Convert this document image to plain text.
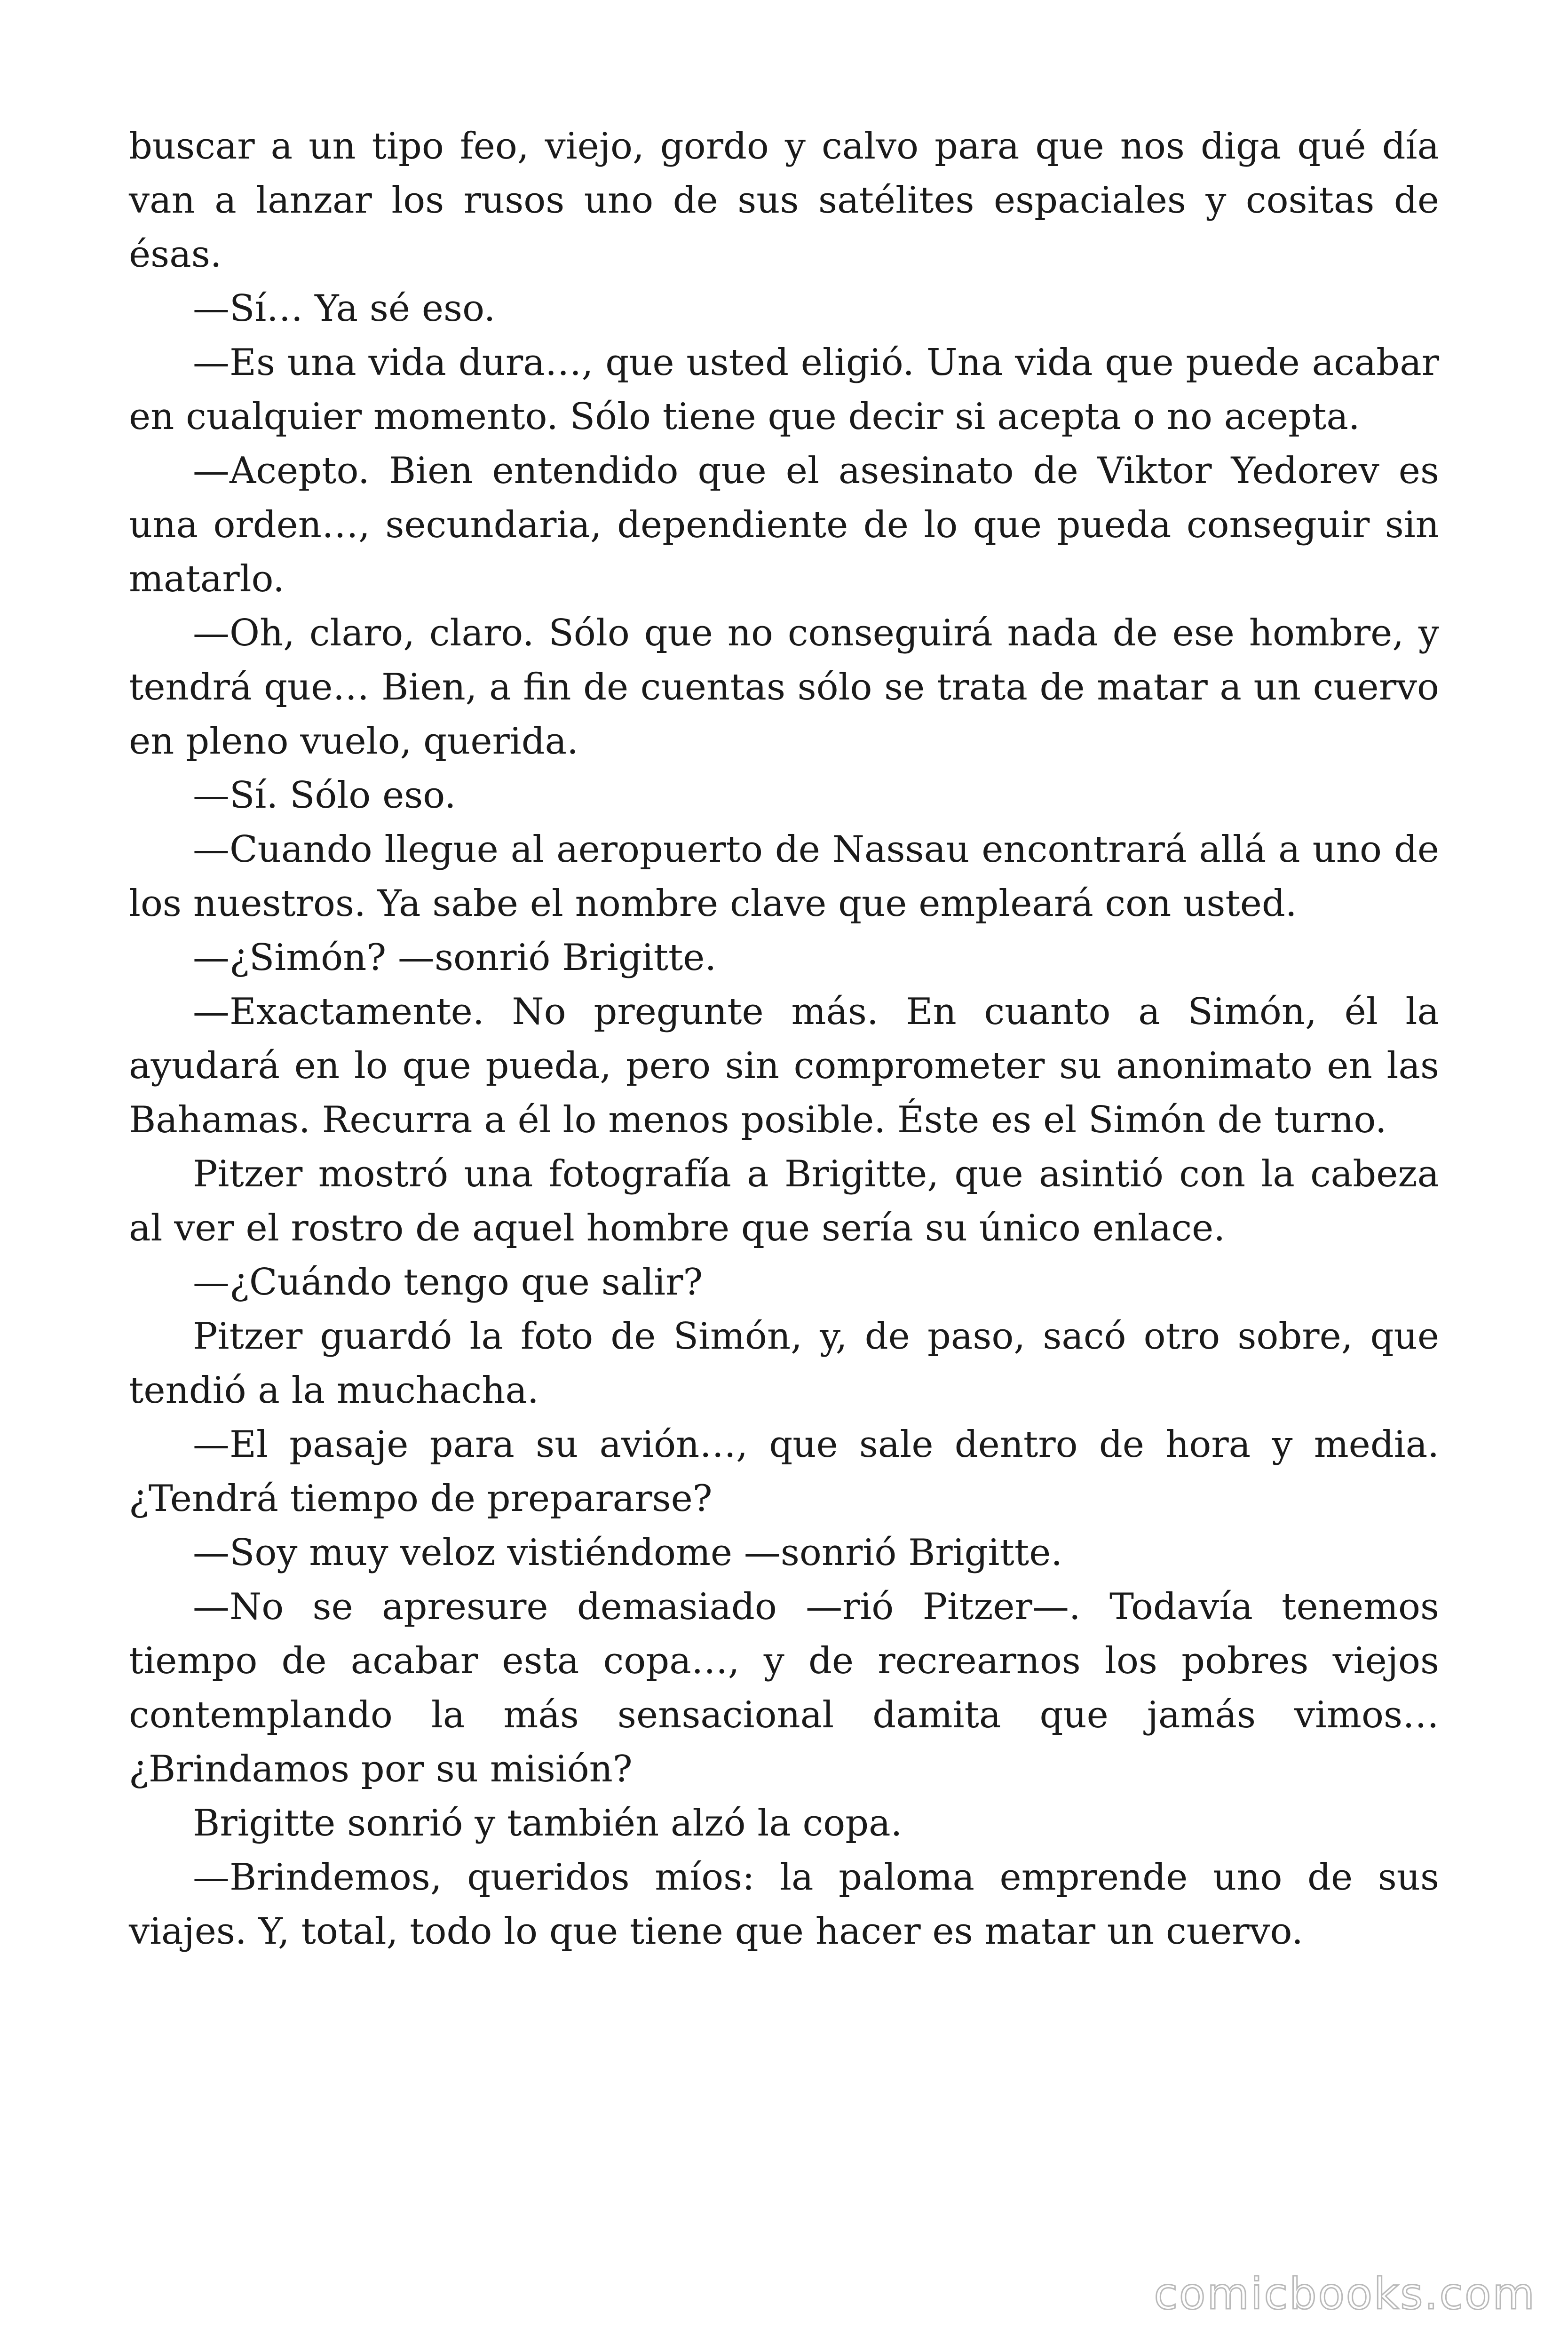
buscar a un tipo feo, viejo, gordo y calvo para que nos diga qué día van a lanzar los rusos uno de sus satélites espaciales y cositas de ésas.

—Sí… Ya sé eso.

—Es una vida dura…, que usted eligió. Una vida que puede acabar en cualquier momento. Sólo tiene que decir si acepta o no acepta.

—Acepto. Bien entendido que el asesinato de Viktor Yedorev es una orden…, secundaria, dependiente de lo que pueda conseguir sin matarlo.

—Oh, claro, claro. Sólo que no conseguirá nada de ese hombre, y tendrá que… Bien, a fin de cuentas sólo se trata de matar a un cuervo en pleno vuelo, querida.

—Sí. Sólo eso.

—Cuando llegue al aeropuerto de Nassau encontrará allá a uno de los nuestros. Ya sabe el nombre clave que empleará con usted.

—¿Simón? —sonrió Brigitte.

—Exactamente. No pregunte más. En cuanto a Simón, él la ayudará en lo que pueda, pero sin comprometer su anonimato en las Bahamas. Recurra a él lo menos posible. Éste es el Simón de turno.

Pitzer mostró una fotografía a Brigitte, que asintió con la cabeza al ver el rostro de aquel hombre que sería su único enlace.

—¿Cuándo tengo que salir?

Pitzer guardó la foto de Simón, y, de paso, sacó otro sobre, que tendió a la muchacha.

—El pasaje para su avión…, que sale dentro de hora y media. ¿Tendrá tiempo de prepararse?

—Soy muy veloz vistiéndome —sonrió Brigitte.

—No se apresure demasiado —rió Pitzer—. Todavía tenemos tiempo de acabar esta copa…, y de recrearnos los pobres viejos contemplando la más sensacional damita que jamás vimos… ¿Brindamos por su misión?

Brigitte sonrió y también alzó la copa.

—Brindemos, queridos míos: la paloma emprende uno de sus viajes. Y, total, todo lo que tiene que hacer es matar un cuervo.

comicbooks.com
